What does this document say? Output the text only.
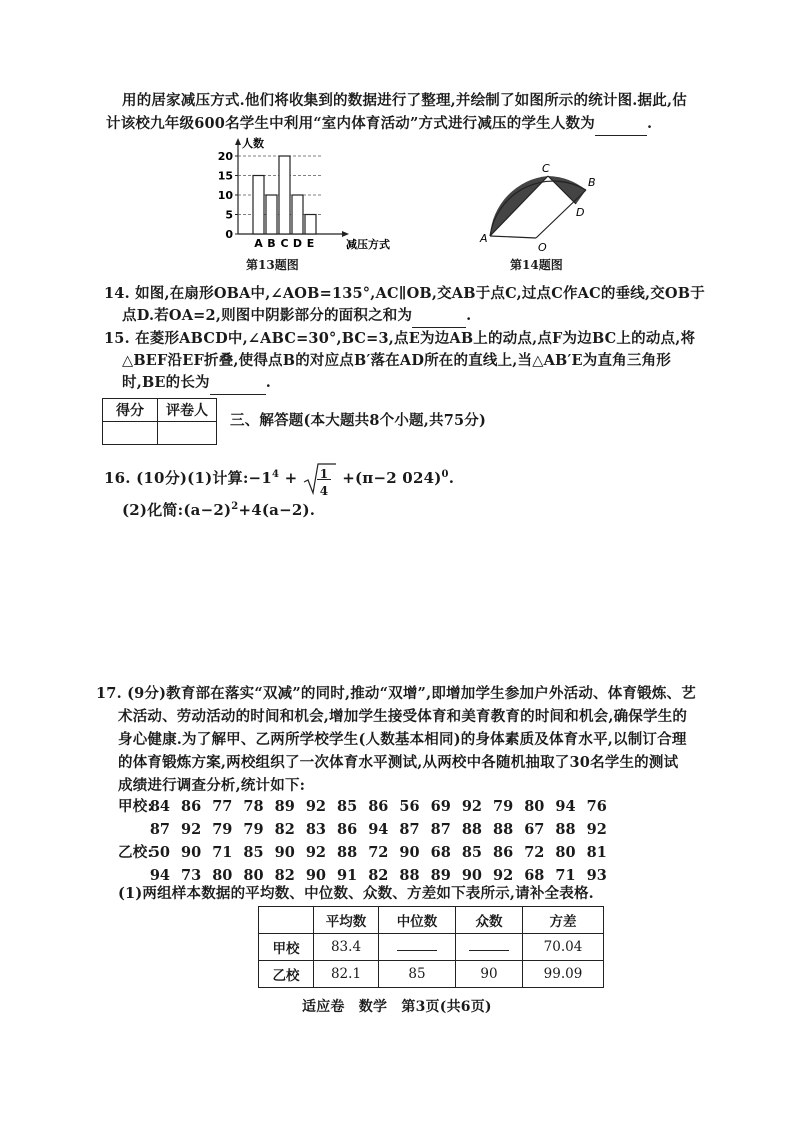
用的居家减压方式.他们将收集到的数据进行了整理,并绘制了如图所示的统计图.据此,估
计该校九年级600名学生中利用“室内体育活动”方式进行减压的学生人数为	.
人数
减压方式
0
5
10
15
20
A B C D E
第13题图
A
B
C
D
O
第14题图
14. 如图,在扇形OBA中,∠AOB=135°,AC∥OB,交AB于点C,过点C作AC的垂线,交OB于
点D.若OA=2,则图中阴影部分的面积之和为	.
15. 在菱形ABCD中,∠ABC=30°,BC=3,点E为边AB上的动点,点F为边BC上的动点,将
△BEF沿EF折叠,使得点B的对应点B′落在AD所在的直线上,当△AB′E为直角三角形
时,BE的长为	.
得分	评卷人

三、解答题(本大题共8个小题,共75分)
16. (10分)(1)计算$:-1^4 + \frac{1}{4} +(\pi-2$ 024)$^0$.
(2)化简$:(a-2)^2+4(a-2)$.
17. (9分)教育部在落实“双减”的同时,推动“双增”,即增加学生参加户外活动、体育锻炼、艺
术活动、劳动活动的时间和机会,增加学生接受体育和美育教育的时间和机会,确保学生的
身心健康.为了解甲、乙两所学校学生(人数基本相同)的身体素质及体育水平,以制订合理
的体育锻炼方案,两校组织了一次体育水平测试,从两校中各随机抽取了30名学生的测试
成绩进行调查分析,统计如下:
甲校:
84 86 77 78 89 92 85 86 56 69 92 79 80 94 76
87 92 79 79 82 83 86 94 87 87 88 88 67 88 92
乙校:
50 90 71 85 90 92 88 72 90 68 85 86 72 80 81
94 73 80 80 82 90 91 82 88 89 90 92 68 71 93
(1)两组样本数据的平均数、中位数、众数、方差如下表所示,请补全表格.
	平均数	中位数	众数	方差
甲校	83.4			70.04
乙校	82.1	85	90	99.09
适应卷　数学　第3页(共6页)
